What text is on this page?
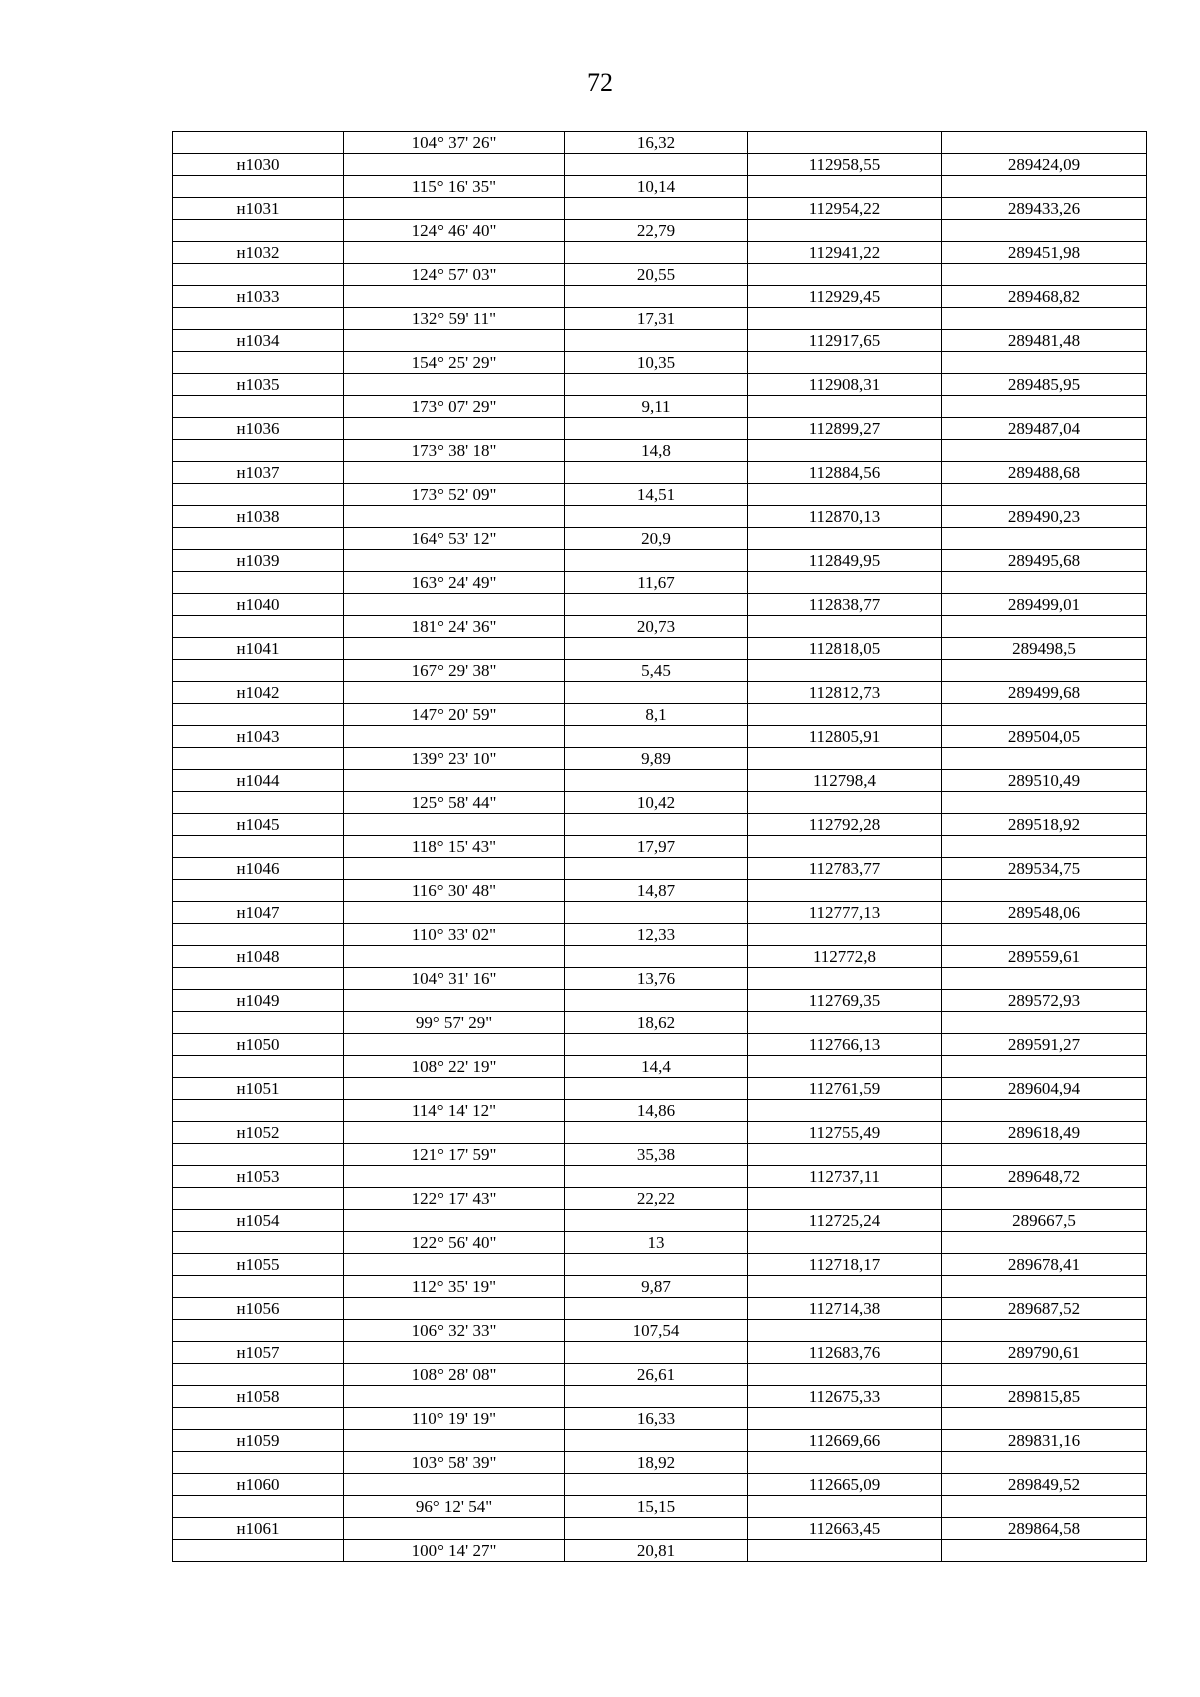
72
	104° 37' 26"	16,32		
н1030			112958,55	289424,09
	115° 16' 35"	10,14		
н1031			112954,22	289433,26
	124° 46' 40"	22,79		
н1032			112941,22	289451,98
	124° 57' 03"	20,55		
н1033			112929,45	289468,82
	132° 59' 11"	17,31		
н1034			112917,65	289481,48
	154° 25' 29"	10,35		
н1035			112908,31	289485,95
	173° 07' 29"	9,11		
н1036			112899,27	289487,04
	173° 38' 18"	14,8		
н1037			112884,56	289488,68
	173° 52' 09"	14,51		
н1038			112870,13	289490,23
	164° 53' 12"	20,9		
н1039			112849,95	289495,68
	163° 24' 49"	11,67		
н1040			112838,77	289499,01
	181° 24' 36"	20,73		
н1041			112818,05	289498,5
	167° 29' 38"	5,45		
н1042			112812,73	289499,68
	147° 20' 59"	8,1		
н1043			112805,91	289504,05
	139° 23' 10"	9,89		
н1044			112798,4	289510,49
	125° 58' 44"	10,42		
н1045			112792,28	289518,92
	118° 15' 43"	17,97		
н1046			112783,77	289534,75
	116° 30' 48"	14,87		
н1047			112777,13	289548,06
	110° 33' 02"	12,33		
н1048			112772,8	289559,61
	104° 31' 16"	13,76		
н1049			112769,35	289572,93
	99° 57' 29"	18,62		
н1050			112766,13	289591,27
	108° 22' 19"	14,4		
н1051			112761,59	289604,94
	114° 14' 12"	14,86		
н1052			112755,49	289618,49
	121° 17' 59"	35,38		
н1053			112737,11	289648,72
	122° 17' 43"	22,22		
н1054			112725,24	289667,5
	122° 56' 40"	13		
н1055			112718,17	289678,41
	112° 35' 19"	9,87		
н1056			112714,38	289687,52
	106° 32' 33"	107,54		
н1057			112683,76	289790,61
	108° 28' 08"	26,61		
н1058			112675,33	289815,85
	110° 19' 19"	16,33		
н1059			112669,66	289831,16
	103° 58' 39"	18,92		
н1060			112665,09	289849,52
	96° 12' 54"	15,15		
н1061			112663,45	289864,58
	100° 14' 27"	20,81		
